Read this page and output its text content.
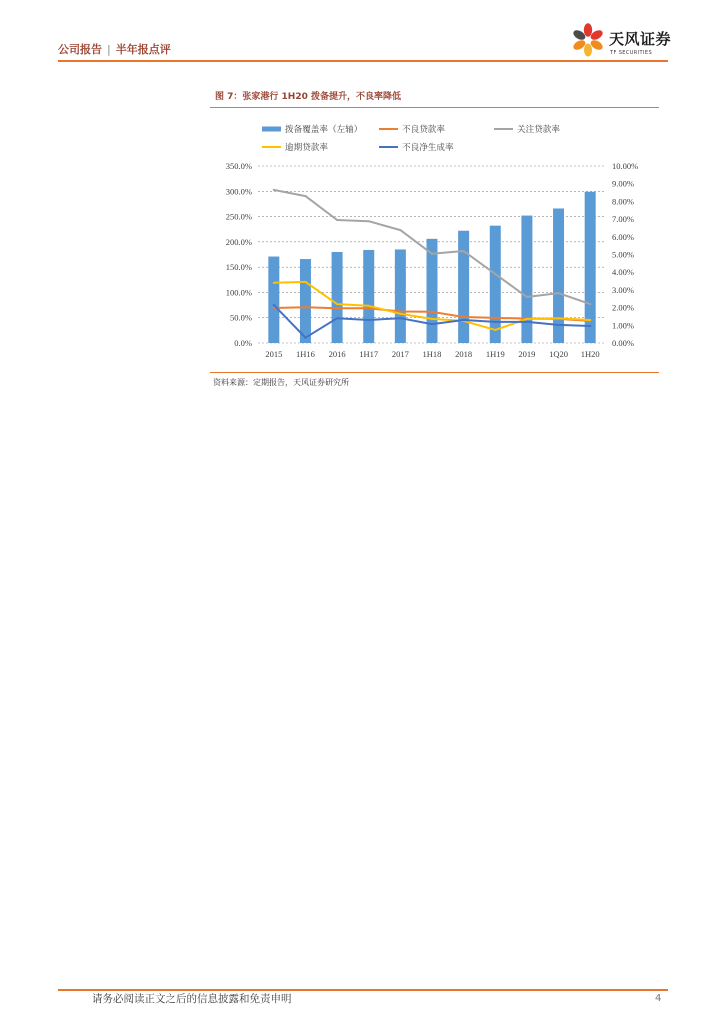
公司报告 | 半年报点评
天风证券
TF SECURITIES
图 7：张家港行 1H20 拨备提升，不良率降低
0.0%
50.0%
100.0%
150.0%
200.0%
250.0%
300.0%
350.0%
0.00%
1.00%
2.00%
3.00%
4.00%
5.00%
6.00%
7.00%
8.00%
9.00%
10.00%
2015 1H16 2016 1H17 2017 1H18 2018 1H19 2019 1Q20 1H20
拨备覆盖率（左轴）	不良贷款率	关注贷款率
逾期贷款率	不良净生成率
资料来源：定期报告，天风证券研究所
请务必阅读正文之后的信息披露和免责申明	4
